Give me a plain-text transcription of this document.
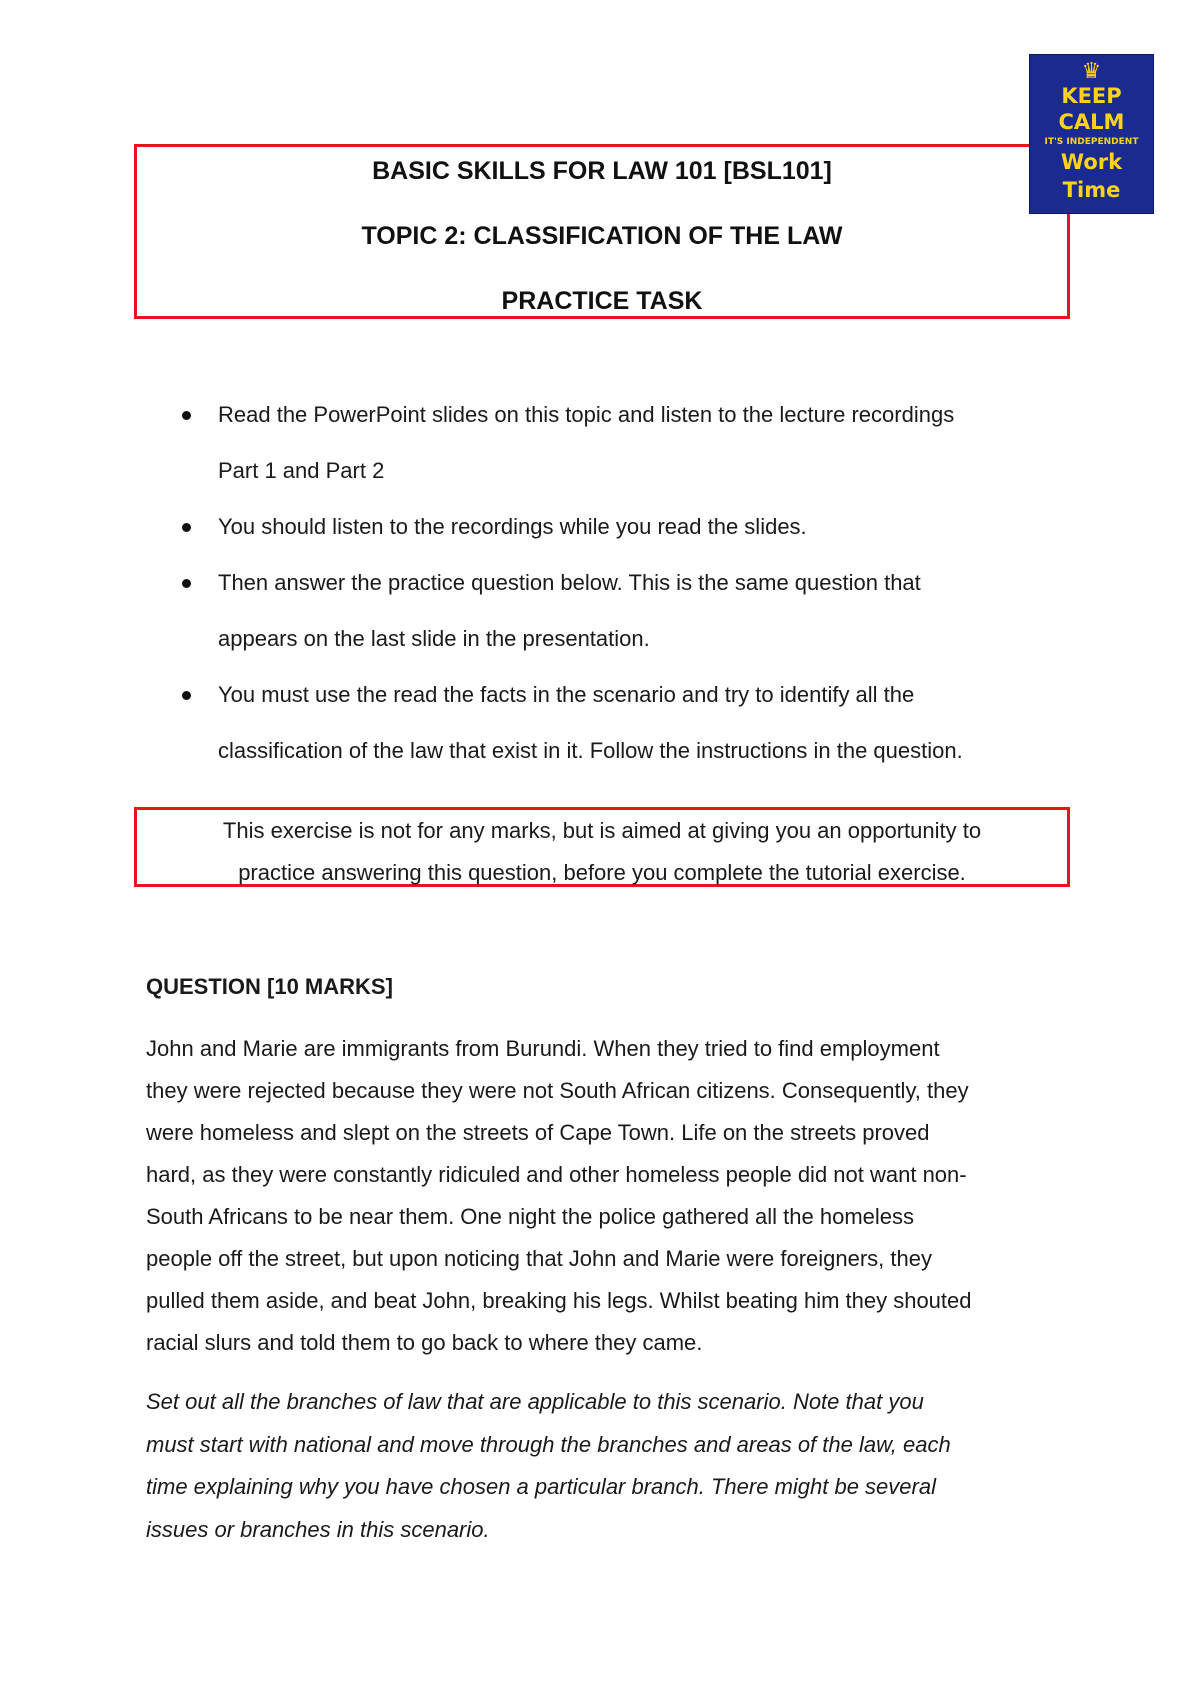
BASIC SKILLS FOR LAW 101 [BSL101]
TOPIC 2: CLASSIFICATION OF THE LAW
PRACTICE TASK
♛
KEEP
CALM
IT'S INDEPENDENT
Work
Time
Read the PowerPoint slides on this topic and listen to the lecture recordings
Part 1 and Part 2
You should listen to the recordings while you read the slides.
Then answer the practice question below. This is the same question that
appears on the last slide in the presentation.
You must use the read the facts in the scenario and try to identify all the
classification of the law that exist in it. Follow the instructions in the question.
This exercise is not for any marks, but is aimed at giving you an opportunity to
practice answering this question, before you complete the tutorial exercise.
QUESTION [10 MARKS]
John and Marie are immigrants from Burundi. When they tried to find employment
they were rejected because they were not South African citizens. Consequently, they
were homeless and slept on the streets of Cape Town. Life on the streets proved
hard, as they were constantly ridiculed and other homeless people did not want non-
South Africans to be near them. One night the police gathered all the homeless
people off the street, but upon noticing that John and Marie were foreigners, they
pulled them aside, and beat John, breaking his legs. Whilst beating him they shouted
racial slurs and told them to go back to where they came.
Set out all the branches of law that are applicable to this scenario. Note that you
must start with national and move through the branches and areas of the law, each
time explaining why you have chosen a particular branch. There might be several
issues or branches in this scenario.
